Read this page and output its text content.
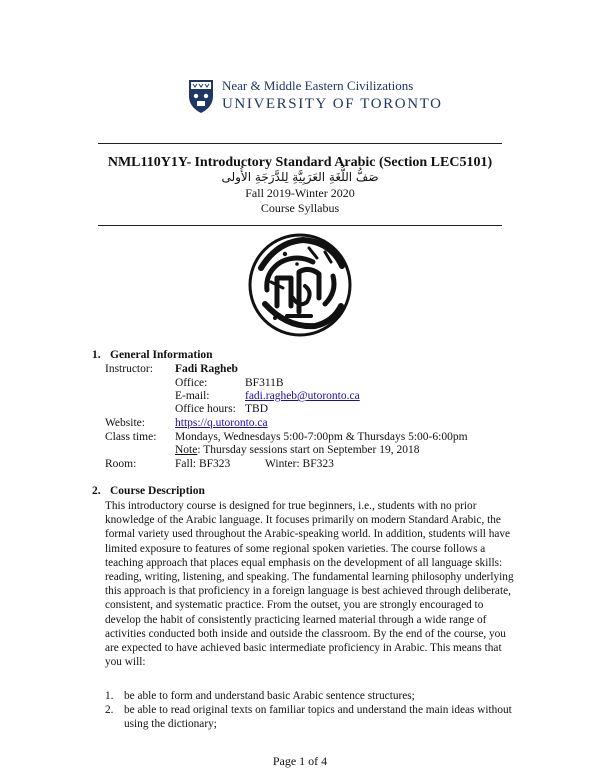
Near & Middle Eastern Civilizations
UNIVERSITY OF TORONTO
NML110Y1Y- Introductory Standard Arabic (Section LEC5101)
صَفُّ اللُّغَةِ العَرَبِيَّةِ لِلدَّرَجَةِ الأُولى
Fall 2019-Winter 2020
Course Syllabus
1. General Information
Instructor: Fadi Ragheb
Office:	BF311B
E-mail:	fadi.ragheb@utoronto.ca
Office hours: TBD
Website:	https://q.utoronto.ca
Class time: Mondays, Wednesdays 5:00-7:00pm & Thursdays 5:00-6:00pm
Note: Thursday sessions start on September 19, 2018
Room:	Fall: BF323	Winter: BF323
2. Course Description
This introductory course is designed for true beginners, i.e., students with no prior knowledge of the Arabic language. It focuses primarily on modern Standard Arabic, the formal variety used throughout the Arabic-speaking world. In addition, students will have limited exposure to features of some regional spoken varieties. The course follows a teaching approach that places equal emphasis on the development of all language skills: reading, writing, listening, and speaking. The fundamental learning philosophy underlying this approach is that proficiency in a foreign language is best achieved through deliberate, consistent, and systematic practice. From the outset, you are strongly encouraged to develop the habit of consistently practicing learned material through a wide range of activities conducted both inside and outside the classroom. By the end of the course, you are expected to have achieved basic intermediate proficiency in Arabic. This means that you will:
1. be able to form and understand basic Arabic sentence structures;
2. be able to read original texts on familiar topics and understand the main ideas without using the dictionary;
Page 1 of 4
